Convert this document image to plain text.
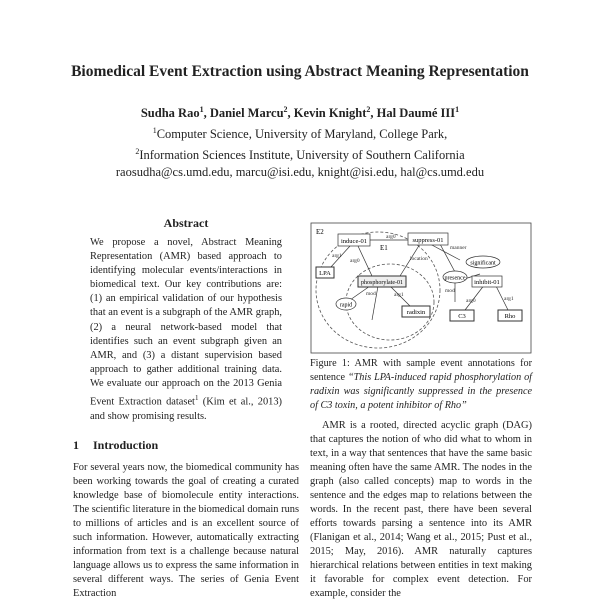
Biomedical Event Extraction using Abstract Meaning Representation
Sudha Rao$^1$, Daniel Marcu$^2$, Kevin Knight$^2$, Hal Daumé III$^1$
$^1$Computer Science, University of Maryland, College Park,
$^2$Information Sciences Institute, University of Southern California
raosudha@cs.umd.edu, marcu@isi.edu, knight@isi.edu, hal@cs.umd.edu
Abstract
We propose a novel, Abstract Meaning Representation (AMR) based approach to identifying molecular events/interactions in biomedical text. Our key contributions are: (1) an empirical validation of our hypothesis that an event is a subgraph of the AMR graph, (2) a neural network-based model that identifies such an event subgraph given an AMR, and (3) a distant supervision based approach to gather additional training data. We evaluate our approach on the 2013 Genia Event Extraction dataset$^1$ (Kim et al., 2013) and show promising results.
1 Introduction
For several years now, the biomedical community has been working towards the goal of creating a curated knowledge base of biomolecule entity interactions. The scientific literature in the biomedical domain runs to millions of articles and is an excellent source of such information. However, automatically extracting information from text is a challenge because natural language allows us to express the same information in several different ways. The series of Genia Event Extraction
E2
E1
induce-01	suppress-01
significant
LPA
phosphorylate-01
presence
rapid
radixin
inhibit-01
C3	Rho
arg0
arg1
manner
location
mod	arg1
arg0
mod
arg0	arg1
Figure 1: AMR with sample event annotations for sentence “This LPA-induced rapid phosphorylation of radixin was significantly suppressed in the presence of C3 toxin, a potent inhibitor of Rho”

AMR is a rooted, directed acyclic graph (DAG) that captures the notion of who did what to whom in text, in a way that sentences that have the same basic meaning often have the same AMR. The nodes in the graph (also called concepts) map to words in the sentence and the edges map to relations between the words. In the recent past, there have been several efforts towards parsing a sentence into its AMR (Flanigan et al., 2014; Wang et al., 2015; Pust et al., 2015; May, 2016). AMR naturally captures hierarchical relations between entities in text making it favorable for complex event detection. For example, consider the
